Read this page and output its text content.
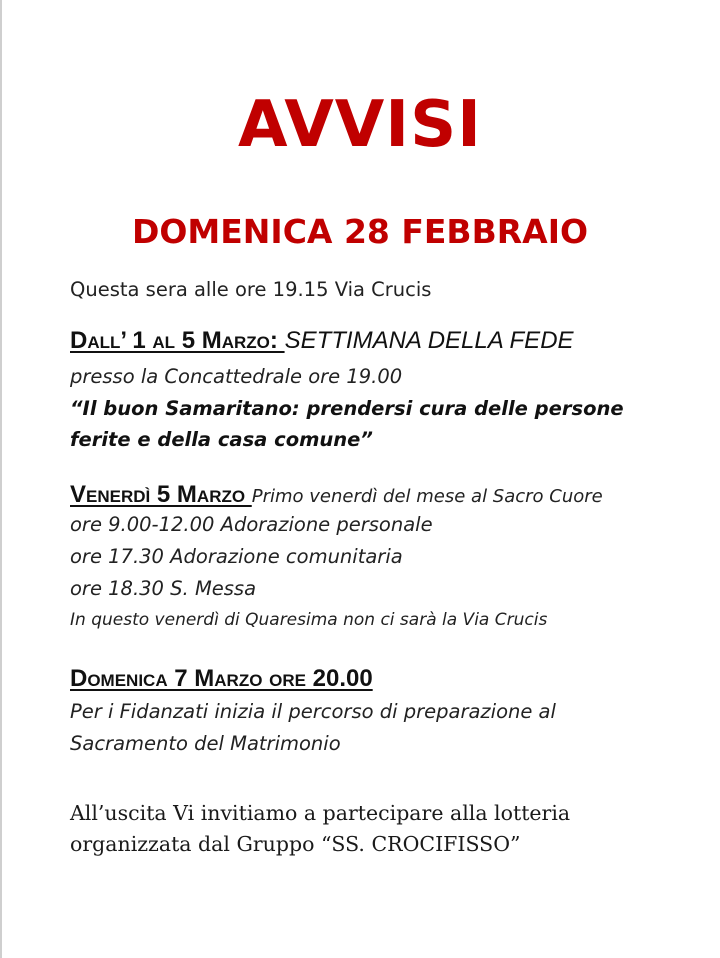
AVVISI
DOMENICA 28 FEBBRAIO

Questa sera alle ore 19.15 Via Crucis

Dall’ 1 al 5 Marzo: SETTIMANA DELLA FEDE

presso la Concattedrale ore 19.00

“Il buon Samaritano: prendersi cura delle persone

ferite e della casa comune”

Venerdì 5 Marzo Primo venerdì del mese al Sacro Cuore

ore 9.00-12.00 Adorazione personale

ore 17.30 Adorazione comunitaria

ore 18.30 S. Messa

In questo venerdì di Quaresima non ci sarà la Via Crucis

Domenica 7 Marzo ore 20.00

Per i Fidanzati inizia il percorso di preparazione al

Sacramento del Matrimonio

All’uscita Vi invitiamo a partecipare alla lotteria

organizzata dal Gruppo “SS. CROCIFISSO”
